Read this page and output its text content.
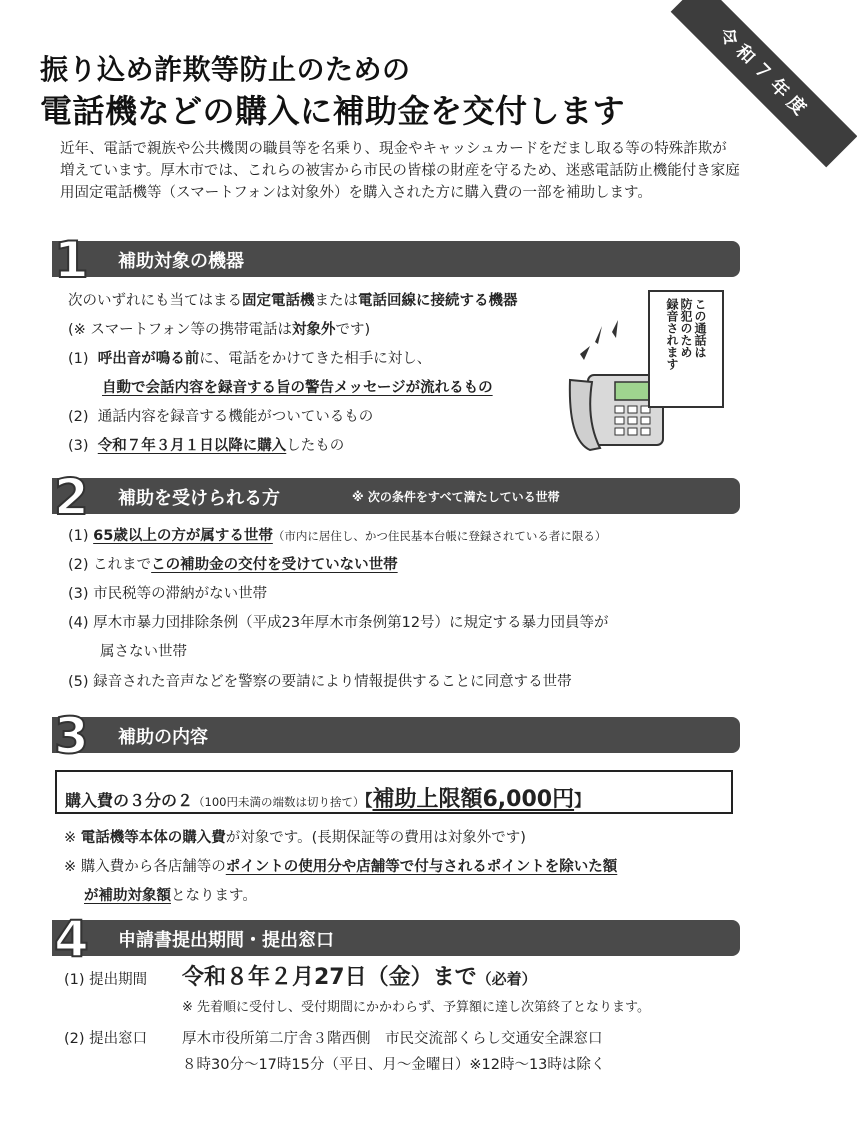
振り込め詐欺等防止のための
電話機などの購入に補助金を交付します	令和７年度
近年、電話で親族や公共機関の職員等を名乗り、現金やキャッシュカードをだまし取る等の特殊詐欺が増えています。厚木市では、これらの被害から市民の皆様の財産を守るため、迷惑電話防止機能付き家庭用固定電話機等（スマートフォンは対象外）を購入された方に購入費の一部を補助します。
1 補助対象の機器
次のいずれにも当てはまる固定電話機または電話回線に接続する機器
(※ スマートフォン等の携帯電話は対象外です)
(1) 呼出音が鳴る前に、電話をかけてきた相手に対し、
自動で会話内容を録音する旨の警告メッセージが流れるもの
(2) 通話内容を録音する機能がついているもの
(3) 令和７年３月１日以降に購入したもの
この通話は
防犯のため
録音されます
2 補助を受けられる方	※ 次の条件をすべて満たしている世帯
(1) 65歳以上の方が属する世帯（市内に居住し、かつ住民基本台帳に登録されている者に限る）
(2) これまでこの補助金の交付を受けていない世帯
(3) 市民税等の滞納がない世帯
(4) 厚木市暴力団排除条例（平成23年厚木市条例第12号）に規定する暴力団員等が
属さない世帯
(5) 録音された音声などを警察の要請により情報提供することに同意する世帯
3 補助の内容
購入費の３分の２（100円未満の端数は切り捨て）【補助上限額6,000円】
※ 電話機等本体の購入費が対象です。(長期保証等の費用は対象外です)
※ 購入費から各店舗等のポイントの使用分や店舗等で付与されるポイントを除いた額
が補助対象額となります。
4 申請書提出期間・提出窓口
(1) 提出期間 令和８年２月27日（金）まで（必着）
※ 先着順に受付し、受付期間にかかわらず、予算額に達し次第終了となります。
(2) 提出窓口 厚木市役所第二庁舎３階西側　市民交流部くらし交通安全課窓口
８時30分～17時15分（平日、月～金曜日）※12時～13時は除く
